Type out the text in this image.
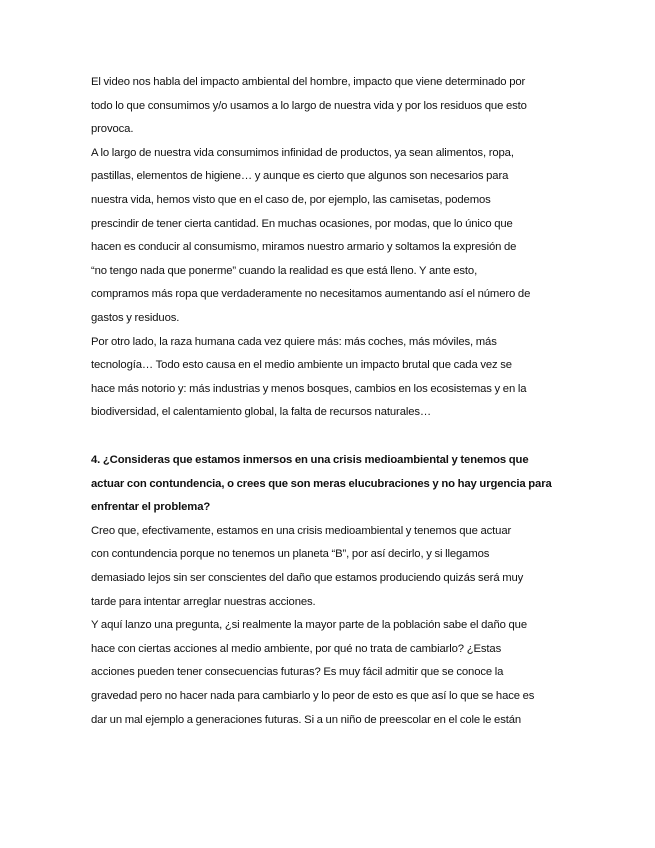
El video nos habla del impacto ambiental del hombre, impacto que viene determinado por
todo lo que consumimos y/o usamos a lo largo de nuestra vida y por los residuos que esto
provoca.
A lo largo de nuestra vida consumimos infinidad de productos, ya sean alimentos, ropa,
pastillas, elementos de higiene… y aunque es cierto que algunos son necesarios para
nuestra vida, hemos visto que en el caso de, por ejemplo, las camisetas, podemos
prescindir de tener cierta cantidad. En muchas ocasiones, por modas, que lo único que
hacen es conducir al consumismo, miramos nuestro armario y soltamos la expresión de
“no tengo nada que ponerme” cuando la realidad es que está lleno. Y ante esto,
compramos más ropa que verdaderamente no necesitamos aumentando así el número de
gastos y residuos.
Por otro lado, la raza humana cada vez quiere más: más coches, más móviles, más
tecnología… Todo esto causa en el medio ambiente un impacto brutal que cada vez se
hace más notorio y: más industrias y menos bosques, cambios en los ecosistemas y en la
biodiversidad, el calentamiento global, la falta de recursos naturales…
4. ¿Consideras que estamos inmersos en una crisis medioambiental y tenemos que
actuar con contundencia, o crees que son meras elucubraciones y no hay urgencia para
enfrentar el problema?
Creo que, efectivamente, estamos en una crisis medioambiental y tenemos que actuar
con contundencia porque no tenemos un planeta “B”, por así decirlo, y si llegamos
demasiado lejos sin ser conscientes del daño que estamos produciendo quizás será muy
tarde para intentar arreglar nuestras acciones.
Y aquí lanzo una pregunta, ¿si realmente la mayor parte de la población sabe el daño que
hace con ciertas acciones al medio ambiente, por qué no trata de cambiarlo? ¿Estas
acciones pueden tener consecuencias futuras? Es muy fácil admitir que se conoce la
gravedad pero no hacer nada para cambiarlo y lo peor de esto es que así lo que se hace es
dar un mal ejemplo a generaciones futuras. Si a un niño de preescolar en el cole le están
